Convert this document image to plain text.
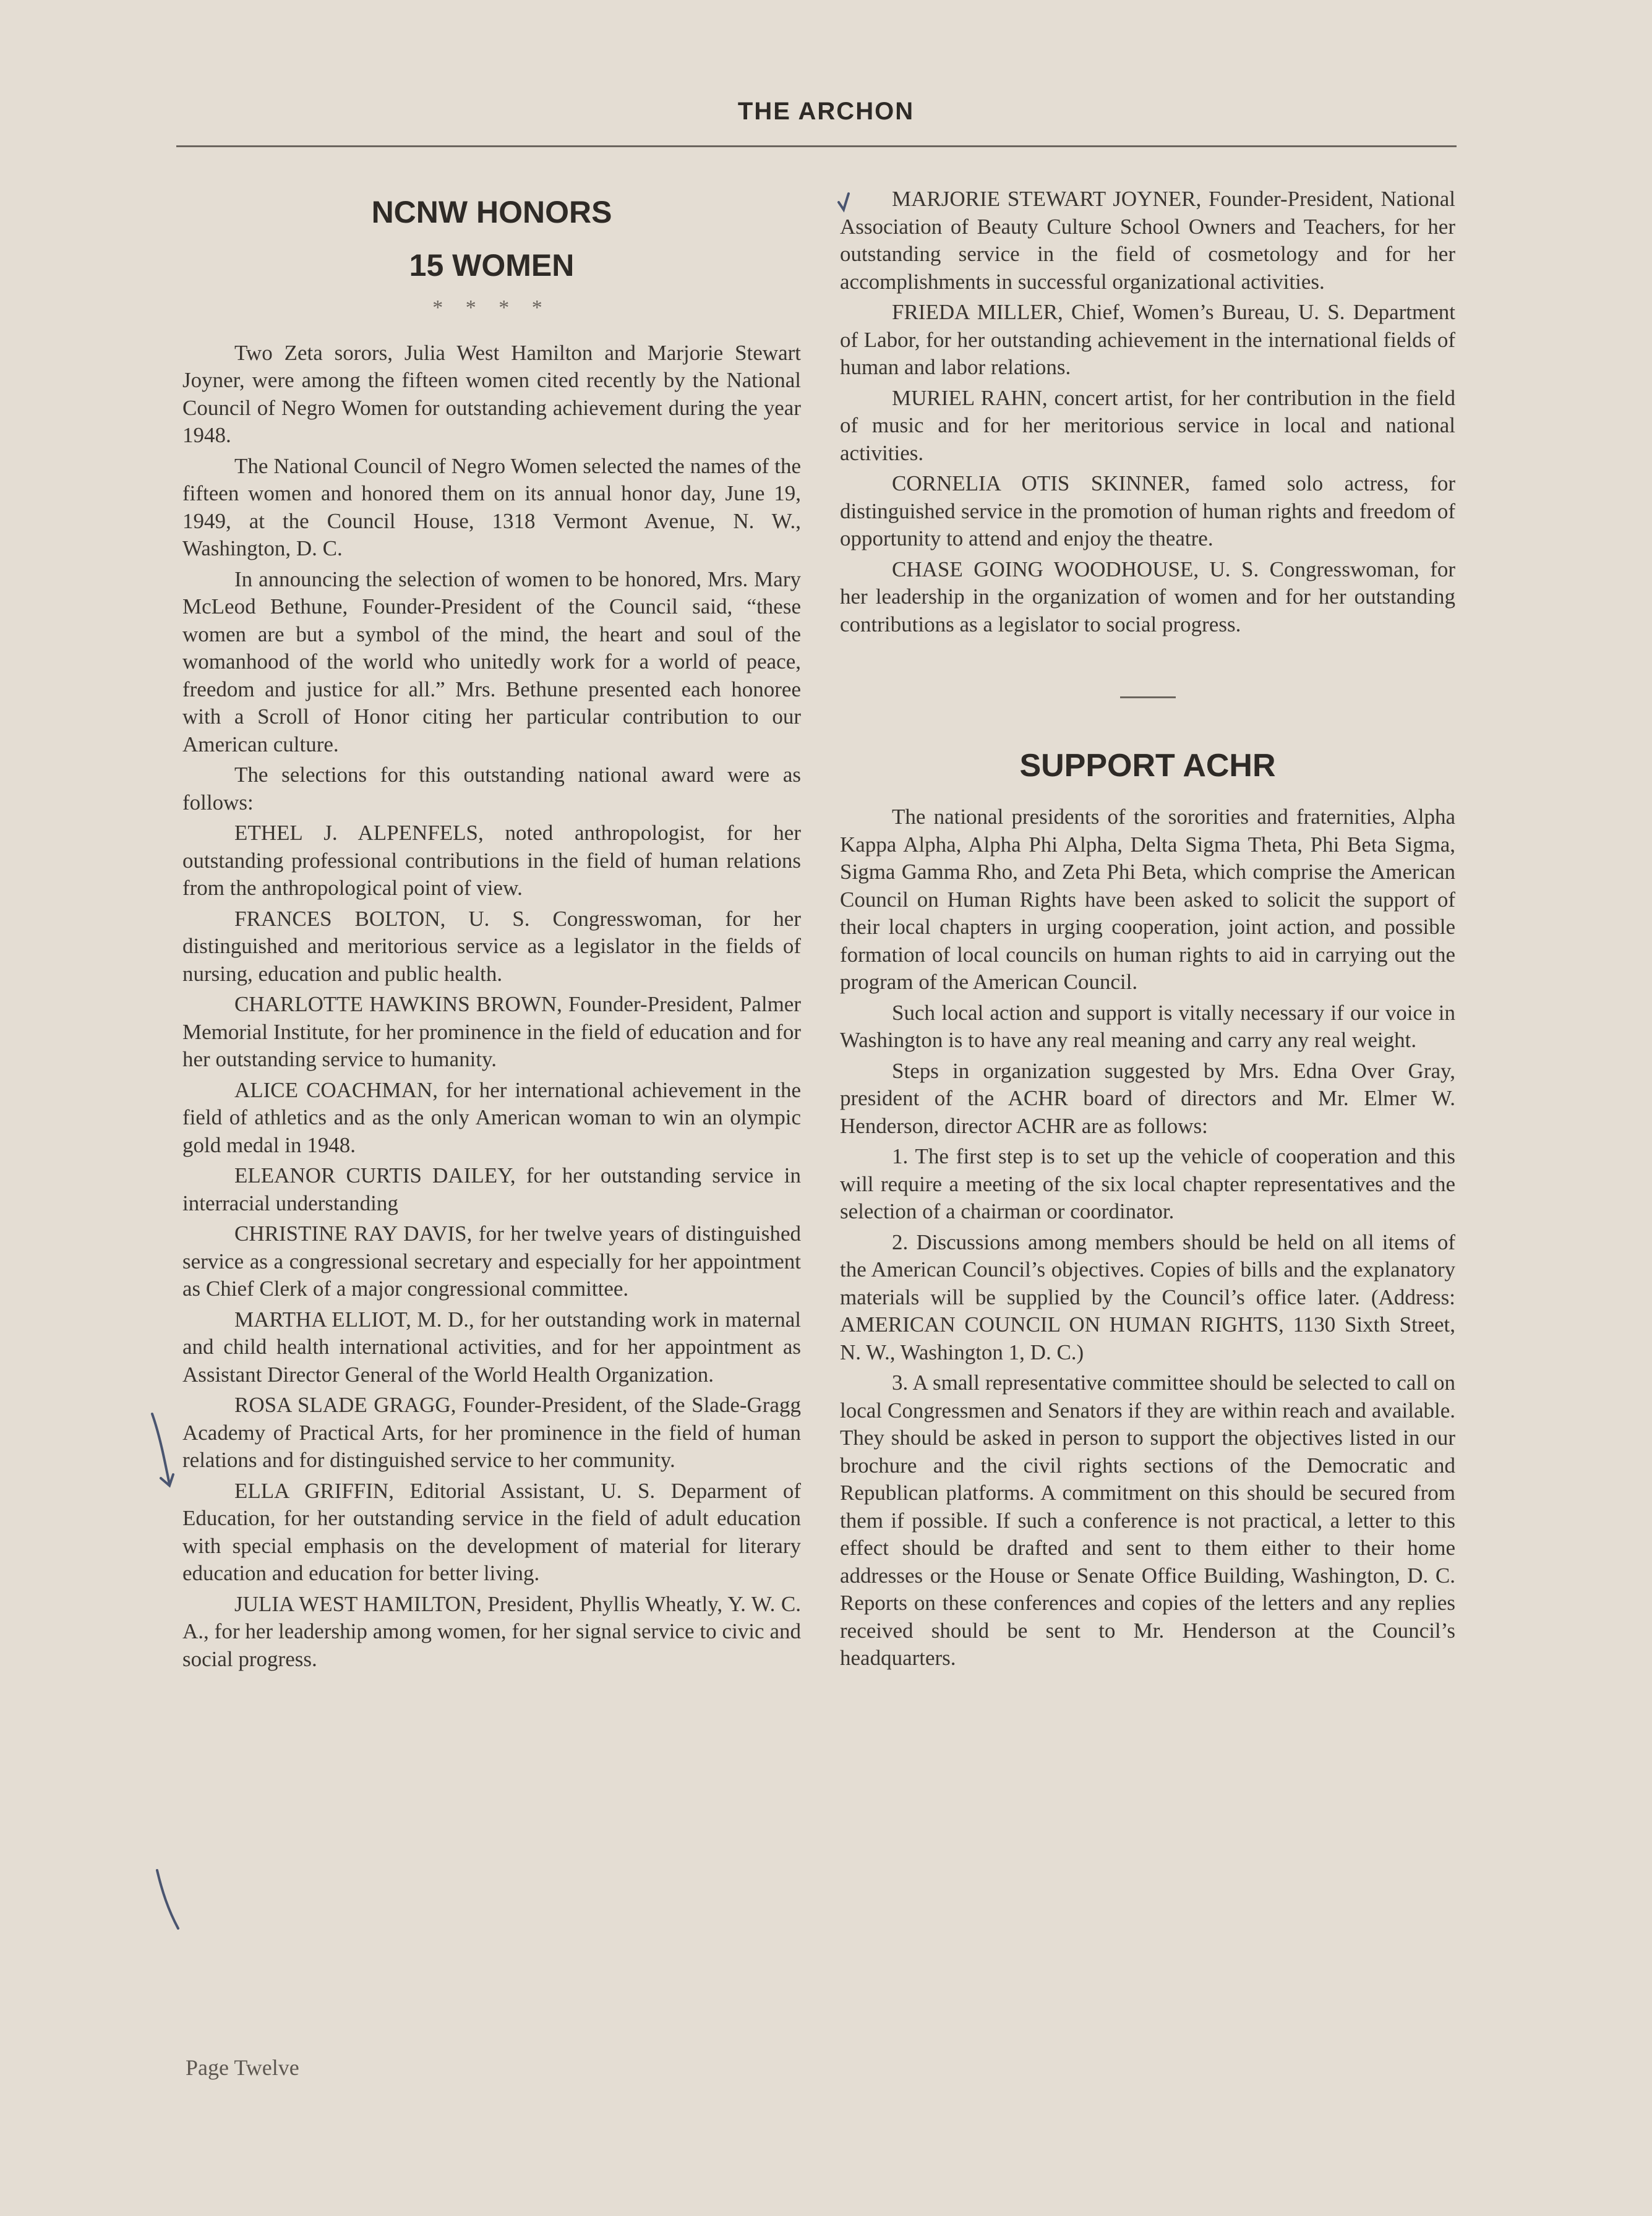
THE ARCHON
NCNW HONORS
15 WOMEN
* * * *

Two Zeta sorors, Julia West Hamilton and Marjorie Stewart Joyner, were among the fifteen women cited recently by the National Council of Negro Women for outstanding achievement during the year 1948.

The National Council of Negro Women selected the names of the fifteen women and honored them on its annual honor day, June 19, 1949, at the Council House, 1318 Vermont Avenue, N. W., Washington, D. C.

In announcing the selection of women to be honored, Mrs. Mary McLeod Bethune, Founder-President of the Council said, “these women are but a symbol of the mind, the heart and soul of the womanhood of the world who unitedly work for a world of peace, freedom and justice for all.” Mrs. Bethune presented each honoree with a Scroll of Honor citing her particular contribution to our American culture.

The selections for this outstanding national award were as follows:

ETHEL J. ALPENFELS, noted anthropologist, for her outstanding professional contributions in the field of human relations from the anthropological point of view.

FRANCES BOLTON, U. S. Congresswoman, for her distinguished and meritorious service as a legislator in the fields of nursing, education and public health.

CHARLOTTE HAWKINS BROWN, Founder-President, Palmer Memorial Institute, for her prominence in the field of education and for her outstanding service to humanity.

ALICE COACHMAN, for her international achievement in the field of athletics and as the only American woman to win an olympic gold medal in 1948.

ELEANOR CURTIS DAILEY, for her outstanding service in interracial understanding

CHRISTINE RAY DAVIS, for her twelve years of distinguished service as a congressional secretary and especially for her appointment as Chief Clerk of a major congressional committee.

MARTHA ELLIOT, M. D., for her outstanding work in maternal and child health international activities, and for her appointment as Assistant Director General of the World Health Organization.

ROSA SLADE GRAGG, Founder-President, of the Slade-Gragg Academy of Practical Arts, for her prominence in the field of human relations and for distinguished service to her community.

ELLA GRIFFIN, Editorial Assistant, U. S. Deparment of Education, for her outstanding service in the field of adult education with special emphasis on the development of material for literary education and education for better living.

JULIA WEST HAMILTON, President, Phyllis Wheatly, Y. W. C. A., for her leadership among women, for her signal service to civic and social progress.

MARJORIE STEWART JOYNER, Founder-President, National Association of Beauty Culture School Owners and Teachers, for her outstanding service in the field of cosmetology and for her accomplishments in successful organizational activities.

FRIEDA MILLER, Chief, Women’s Bureau, U. S. Department of Labor, for her outstanding achievement in the international fields of human and labor relations.

MURIEL RAHN, concert artist, for her contribution in the field of music and for her meritorious service in local and national activities.

CORNELIA OTIS SKINNER, famed solo actress, for distinguished service in the promotion of human rights and freedom of opportunity to attend and enjoy the theatre.

CHASE GOING WOODHOUSE, U. S. Congresswoman, for her leadership in the organization of women and for her outstanding contributions as a legislator to social progress.

SUPPORT ACHR

The national presidents of the sororities and fraternities, Alpha Kappa Alpha, Alpha Phi Alpha, Delta Sigma Theta, Phi Beta Sigma, Sigma Gamma Rho, and Zeta Phi Beta, which comprise the American Council on Human Rights have been asked to solicit the support of their local chapters in urging cooperation, joint action, and possible formation of local councils on human rights to aid in carrying out the program of the American Council.

Such local action and support is vitally necessary if our voice in Washington is to have any real meaning and carry any real weight.

Steps in organization suggested by Mrs. Edna Over Gray, president of the ACHR board of directors and Mr. Elmer W. Henderson, director ACHR are as follows:

1. The first step is to set up the vehicle of cooperation and this will require a meeting of the six local chapter representatives and the selection of a chairman or coordinator.

2. Discussions among members should be held on all items of the American Council’s objectives. Copies of bills and the explanatory materials will be supplied by the Council’s office later. (Address: AMERICAN COUNCIL ON HUMAN RIGHTS, 1130 Sixth Street, N. W., Washington 1, D. C.)

3. A small representative committee should be selected to call on local Congressmen and Senators if they are within reach and available. They should be asked in person to support the objectives listed in our brochure and the civil rights sections of the Democratic and Republican platforms. A commitment on this should be secured from them if possible. If such a conference is not practical, a letter to this effect should be drafted and sent to them either to their home addresses or the House or Senate Office Building, Washington, D. C. Reports on these conferences and copies of the letters and any replies received should be sent to Mr. Henderson at the Council’s headquarters.

Page Twelve
